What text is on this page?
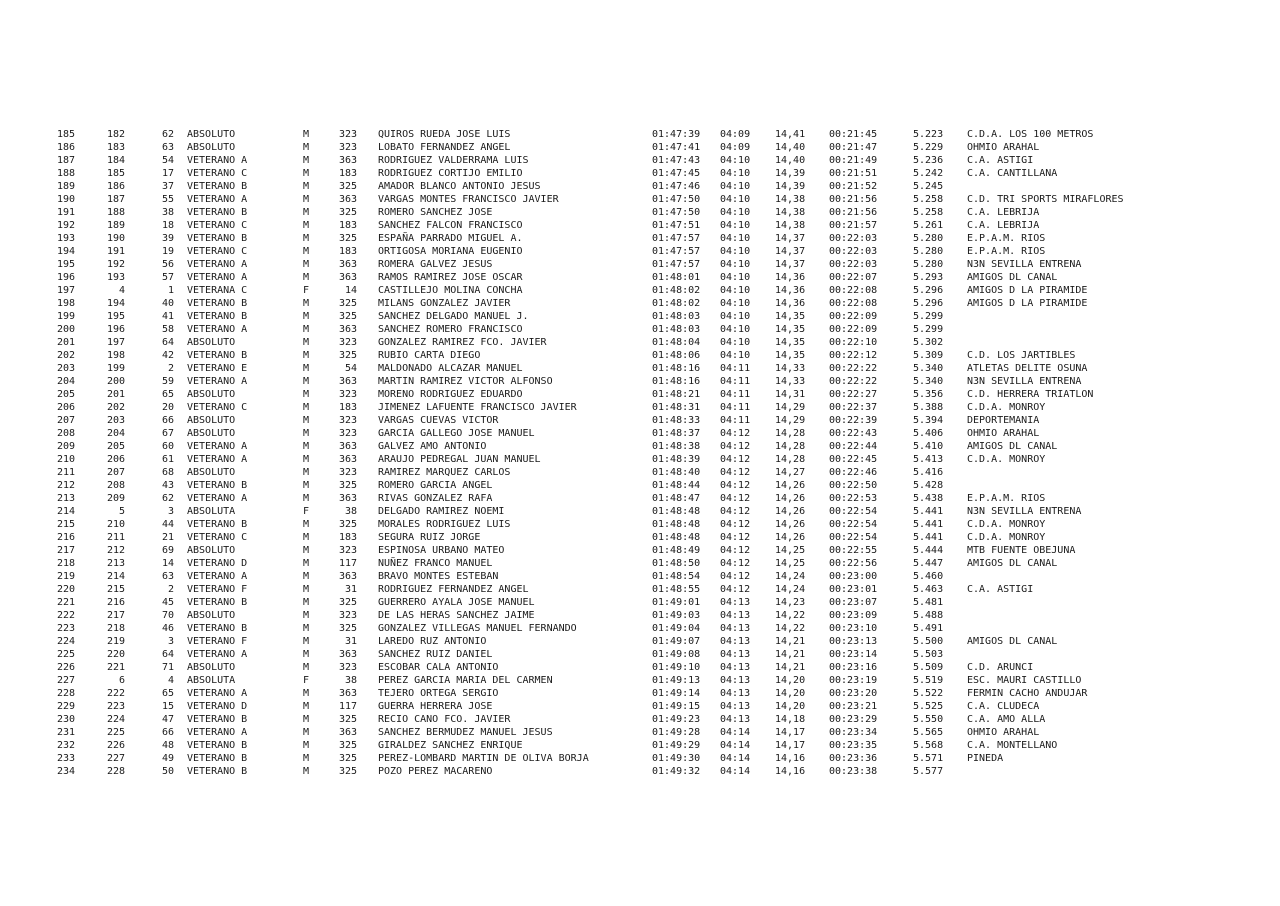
185	182	62 ABSOLUTO	M	323 QUIROS RUEDA JOSE LUIS	01:47:39 04:09 14,41 00:21:45	5.223 C.D.A. LOS 100 METROS
186	183	63 ABSOLUTO	M	323 LOBATO FERNANDEZ ANGEL	01:47:41 04:09 14,40 00:21:47	5.229 OHMIO ARAHAL
187	184	54 VETERANO A	M	363 RODRIGUEZ VALDERRAMA LUIS	01:47:43 04:10 14,40 00:21:49	5.236 C.A. ASTIGI
188	185	17 VETERANO C	M	183 RODRIGUEZ CORTIJO EMILIO	01:47:45 04:10 14,39 00:21:51	5.242 C.A. CANTILLANA
189	186	37 VETERANO B	M	325 AMADOR BLANCO ANTONIO JESUS	01:47:46 04:10 14,39 00:21:52	5.245
190	187	55 VETERANO A	M	363 VARGAS MONTES FRANCISCO JAVIER	01:47:50 04:10 14,38 00:21:56	5.258 C.D. TRI SPORTS MIRAFLORES
191	188	38 VETERANO B	M	325 ROMERO SANCHEZ JOSE	01:47:50 04:10 14,38 00:21:56	5.258 C.A. LEBRIJA
192	189	18 VETERANO C	M	183 SANCHEZ FALCON FRANCISCO	01:47:51 04:10 14,38 00:21:57	5.261 C.A. LEBRIJA
193	190	39 VETERANO B	M	325 ESPAÑA PARRADO MIGUEL A.	01:47:57 04:10 14,37 00:22:03	5.280 E.P.A.M. RIOS
194	191	19 VETERANO C	M	183 ORTIGOSA MORIANA EUGENIO	01:47:57 04:10 14,37 00:22:03	5.280 E.P.A.M. RIOS
195	192	56 VETERANO A	M	363 ROMERA GALVEZ JESUS	01:47:57 04:10 14,37 00:22:03	5.280 N3N SEVILLA ENTRENA
196	193	57 VETERANO A	M	363 RAMOS RAMIREZ JOSE OSCAR	01:48:01 04:10 14,36 00:22:07	5.293 AMIGOS DL CANAL
197	4	1 VETERANA C	F	14 CASTILLEJO MOLINA CONCHA	01:48:02 04:10 14,36 00:22:08	5.296 AMIGOS D LA PIRAMIDE
198	194	40 VETERANO B	M	325 MILANS GONZALEZ JAVIER	01:48:02 04:10 14,36 00:22:08	5.296 AMIGOS D LA PIRAMIDE
199	195	41 VETERANO B	M	325 SANCHEZ DELGADO MANUEL J.	01:48:03 04:10 14,35 00:22:09	5.299
200	196	58 VETERANO A	M	363 SANCHEZ ROMERO FRANCISCO	01:48:03 04:10 14,35 00:22:09	5.299
201	197	64 ABSOLUTO	M	323 GONZALEZ RAMIREZ FCO. JAVIER	01:48:04 04:10 14,35 00:22:10	5.302
202	198	42 VETERANO B	M	325 RUBIO CARTA DIEGO	01:48:06 04:10 14,35 00:22:12	5.309 C.D. LOS JARTIBLES
203	199	2 VETERANO E	M	54 MALDONADO ALCAZAR MANUEL	01:48:16 04:11 14,33 00:22:22	5.340 ATLETAS DELITE OSUNA
204	200	59 VETERANO A	M	363 MARTIN RAMIREZ VICTOR ALFONSO	01:48:16 04:11 14,33 00:22:22	5.340 N3N SEVILLA ENTRENA
205	201	65 ABSOLUTO	M	323 MORENO RODRIGUEZ EDUARDO	01:48:21 04:11 14,31 00:22:27	5.356 C.D. HERRERA TRIATLON
206	202	20 VETERANO C	M	183 JIMENEZ LAFUENTE FRANCISCO JAVIER	01:48:31 04:11 14,29 00:22:37	5.388 C.D.A. MONROY
207	203	66 ABSOLUTO	M	323 VARGAS CUEVAS VICTOR	01:48:33 04:11 14,29 00:22:39	5.394 DEPORTEMANIA
208	204	67 ABSOLUTO	M	323 GARCIA GALLEGO JOSE MANUEL	01:48:37 04:12 14,28 00:22:43	5.406 OHMIO ARAHAL
209	205	60 VETERANO A	M	363 GALVEZ AMO ANTONIO	01:48:38 04:12 14,28 00:22:44	5.410 AMIGOS DL CANAL
210	206	61 VETERANO A	M	363 ARAUJO PEDREGAL JUAN MANUEL	01:48:39 04:12 14,28 00:22:45	5.413 C.D.A. MONROY
211	207	68 ABSOLUTO	M	323 RAMIREZ MARQUEZ CARLOS	01:48:40 04:12 14,27 00:22:46	5.416
212	208	43 VETERANO B	M	325 ROMERO GARCIA ANGEL	01:48:44 04:12 14,26 00:22:50	5.428
213	209	62 VETERANO A	M	363 RIVAS GONZALEZ RAFA	01:48:47 04:12 14,26 00:22:53	5.438 E.P.A.M. RIOS
214	5	3 ABSOLUTA	F	38 DELGADO RAMIREZ NOEMI	01:48:48 04:12 14,26 00:22:54	5.441 N3N SEVILLA ENTRENA
215	210	44 VETERANO B	M	325 MORALES RODRIGUEZ LUIS	01:48:48 04:12 14,26 00:22:54	5.441 C.D.A. MONROY
216	211	21 VETERANO C	M	183 SEGURA RUIZ JORGE	01:48:48 04:12 14,26 00:22:54	5.441 C.D.A. MONROY
217	212	69 ABSOLUTO	M	323 ESPINOSA URBANO MATEO	01:48:49 04:12 14,25 00:22:55	5.444 MTB FUENTE OBEJUNA
218	213	14 VETERANO D	M	117 NUÑEZ FRANCO MANUEL	01:48:50 04:12 14,25 00:22:56	5.447 AMIGOS DL CANAL
219	214	63 VETERANO A	M	363 BRAVO MONTES ESTEBAN	01:48:54 04:12 14,24 00:23:00	5.460
220	215	2 VETERANO F	M	31 RODRIGUEZ FERNANDEZ ANGEL	01:48:55 04:12 14,24 00:23:01	5.463 C.A. ASTIGI
221	216	45 VETERANO B	M	325 GUERRERO AYALA JOSE MANUEL	01:49:01 04:13 14,23 00:23:07	5.481
222	217	70 ABSOLUTO	M	323 DE LAS HERAS SANCHEZ JAIME	01:49:03 04:13 14,22 00:23:09	5.488
223	218	46 VETERANO B	M	325 GONZALEZ VILLEGAS MANUEL FERNANDO	01:49:04 04:13 14,22 00:23:10	5.491
224	219	3 VETERANO F	M	31 LAREDO RUZ ANTONIO	01:49:07 04:13 14,21 00:23:13	5.500 AMIGOS DL CANAL
225	220	64 VETERANO A	M	363 SANCHEZ RUIZ DANIEL	01:49:08 04:13 14,21 00:23:14	5.503
226	221	71 ABSOLUTO	M	323 ESCOBAR CALA ANTONIO	01:49:10 04:13 14,21 00:23:16	5.509 C.D. ARUNCI
227	6	4 ABSOLUTA	F	38 PEREZ GARCIA MARIA DEL CARMEN	01:49:13 04:13 14,20 00:23:19	5.519 ESC. MAURI CASTILLO
228	222	65 VETERANO A	M	363 TEJERO ORTEGA SERGIO	01:49:14 04:13 14,20 00:23:20	5.522 FERMIN CACHO ANDUJAR
229	223	15 VETERANO D	M	117 GUERRA HERRERA JOSE	01:49:15 04:13 14,20 00:23:21	5.525 C.A. CLUDECA
230	224	47 VETERANO B	M	325 RECIO CANO FCO. JAVIER	01:49:23 04:13 14,18 00:23:29	5.550 C.A. AMO ALLA
231	225	66 VETERANO A	M	363 SANCHEZ BERMUDEZ MANUEL JESUS	01:49:28 04:14 14,17 00:23:34	5.565 OHMIO ARAHAL
232	226	48 VETERANO B	M	325 GIRALDEZ SANCHEZ ENRIQUE	01:49:29 04:14 14,17 00:23:35	5.568 C.A. MONTELLANO
233	227	49 VETERANO B	M	325 PEREZ-LOMBARD MARTIN DE OLIVA BORJA	01:49:30 04:14 14,16 00:23:36	5.571 PINEDA
234	228	50 VETERANO B	M	325 POZO PEREZ MACARENO	01:49:32 04:14 14,16 00:23:38	5.577
